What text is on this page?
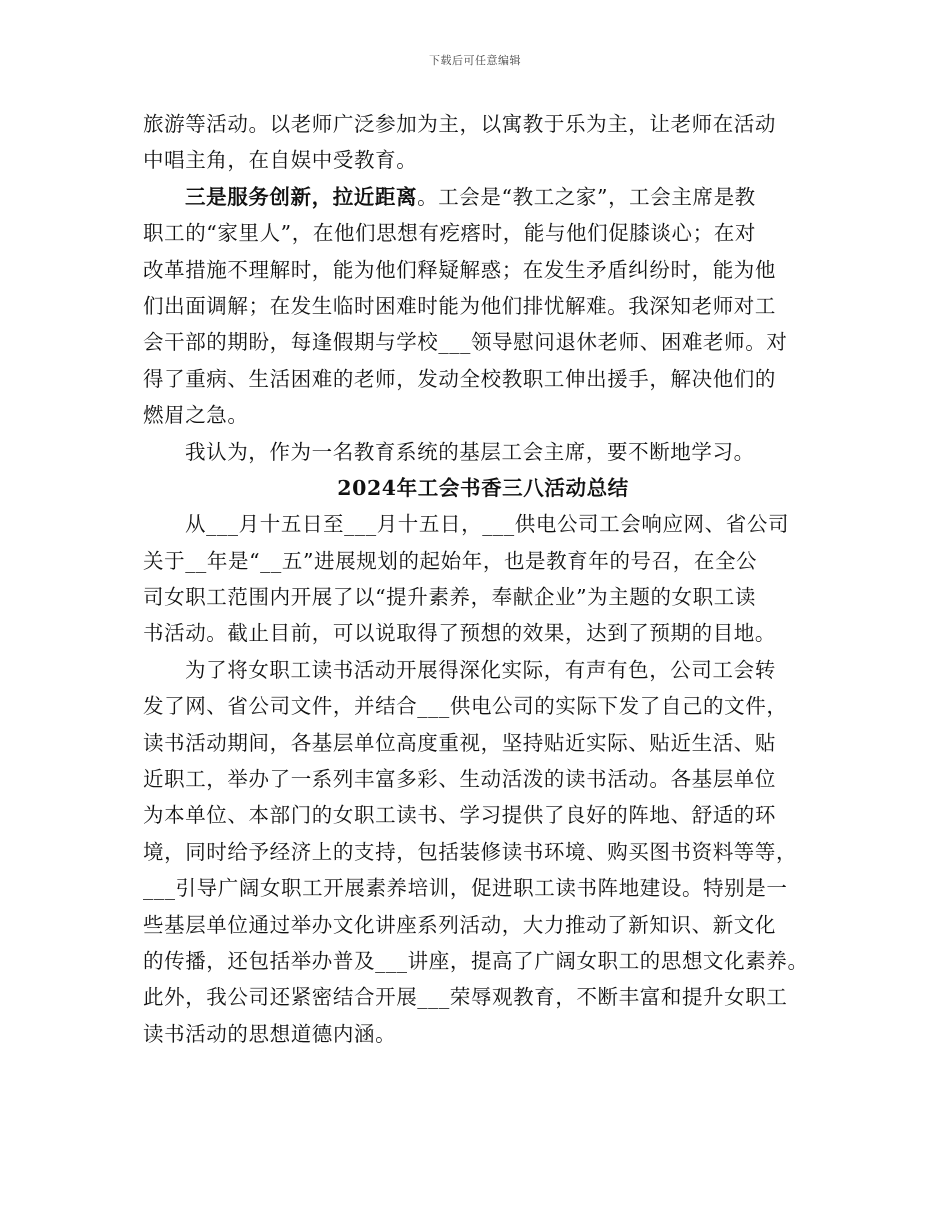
下载后可任意编辑
旅游等活动。以老师广泛参加为主，以寓教于乐为主，让老师在活动
中唱主角，在自娱中受教育。
三是服务创新，拉近距离。工会是“教工之家”，工会主席是教
职工的“家里人”，在他们思想有疙瘩时，能与他们促膝谈心；在对
改革措施不理解时，能为他们释疑解惑；在发生矛盾纠纷时，能为他
们出面调解；在发生临时困难时能为他们排忧解难。我深知老师对工
会干部的期盼，每逢假期与学校___领导慰问退休老师、困难老师。对
得了重病、生活困难的老师，发动全校教职工伸出援手，解决他们的
燃眉之急。
我认为，作为一名教育系统的基层工会主席，要不断地学习。
2024年工会书香三八活动总结
从___月十五日至___月十五日，___供电公司工会响应网、省公司
关于__年是“__五”进展规划的起始年，也是教育年的号召，在全公
司女职工范围内开展了以“提升素养，奉献企业”为主题的女职工读
书活动。截止目前，可以说取得了预想的效果，达到了预期的目地。
为了将女职工读书活动开展得深化实际，有声有色，公司工会转
发了网、省公司文件，并结合___供电公司的实际下发了自己的文件，
读书活动期间，各基层单位高度重视，坚持贴近实际、贴近生活、贴
近职工，举办了一系列丰富多彩、生动活泼的读书活动。各基层单位
为本单位、本部门的女职工读书、学习提供了良好的阵地、舒适的环
境，同时给予经济上的支持，包括装修读书环境、购买图书资料等等，
___引导广阔女职工开展素养培训，促进职工读书阵地建设。特别是一
些基层单位通过举办文化讲座系列活动，大力推动了新知识、新文化
的传播，还包括举办普及___讲座，提高了广阔女职工的思想文化素养。
此外，我公司还紧密结合开展___荣辱观教育，不断丰富和提升女职工
读书活动的思想道德内涵。
